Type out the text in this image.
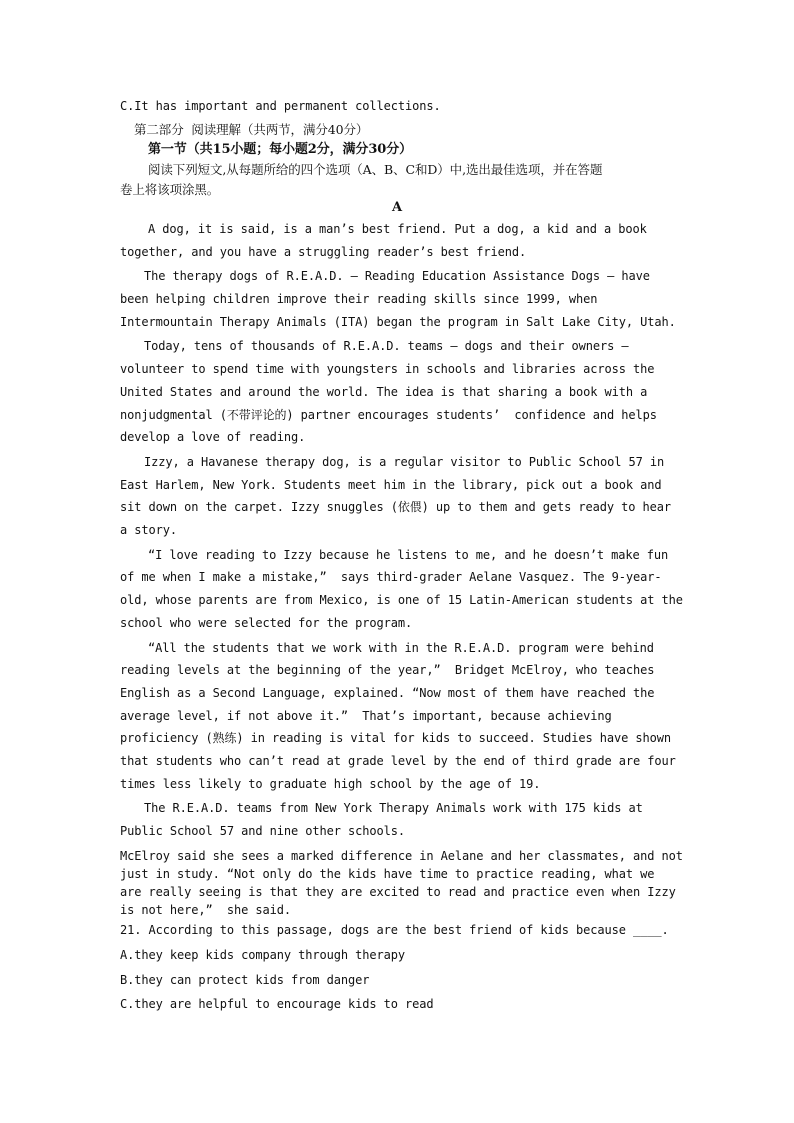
C.It has important and permanent collections.
第二部分  阅读理解（共两节，满分40分）
第一节（共15小题；每小题2分，满分30分）
阅读下列短文,从每题所给的四个选项（A、B、C和D）中,选出最佳选项，并在答题
卷上将该项涂黑。
A
A dog, it is said, is a man’s best friend. Put a dog, a kid and a book
together, and you have a struggling reader’s best friend.
The therapy dogs of R.E.A.D. — Reading Education Assistance Dogs — have
been helping children improve their reading skills since 1999, when
Intermountain Therapy Animals (ITA) began the program in Salt Lake City, Utah.
Today, tens of thousands of R.E.A.D. teams — dogs and their owners —
volunteer to spend time with youngsters in schools and libraries across the
United States and around the world. The idea is that sharing a book with a
nonjudgmental (不带评论的) partner encourages students’  confidence and helps
develop a love of reading.
Izzy, a Havanese therapy dog, is a regular visitor to Public School 57 in
East Harlem, New York. Students meet him in the library, pick out a book and
sit down on the carpet. Izzy snuggles (依偎) up to them and gets ready to hear
a story.
“I love reading to Izzy because he listens to me, and he doesn’t make fun
of me when I make a mistake,”  says third-grader Aelane Vasquez. The 9-year-
old, whose parents are from Mexico, is one of 15 Latin-American students at the
school who were selected for the program.
“All the students that we work with in the R.E.A.D. program were behind
reading levels at the beginning of the year,”  Bridget McElroy, who teaches
English as a Second Language, explained. “Now most of them have reached the
average level, if not above it.”  That’s important, because achieving
proficiency (熟练) in reading is vital for kids to succeed. Studies have shown
that students who can’t read at grade level by the end of third grade are four
times less likely to graduate high school by the age of 19.
The R.E.A.D. teams from New York Therapy Animals work with 175 kids at
Public School 57 and nine other schools.
McElroy said she sees a marked difference in Aelane and her classmates, and not
just in study. “Not only do the kids have time to practice reading, what we
are really seeing is that they are excited to read and practice even when Izzy
is not here,”  she said.
21. According to this passage, dogs are the best friend of kids because ____.
A.they keep kids company through therapy
B.they can protect kids from danger
C.they are helpful to encourage kids to read
